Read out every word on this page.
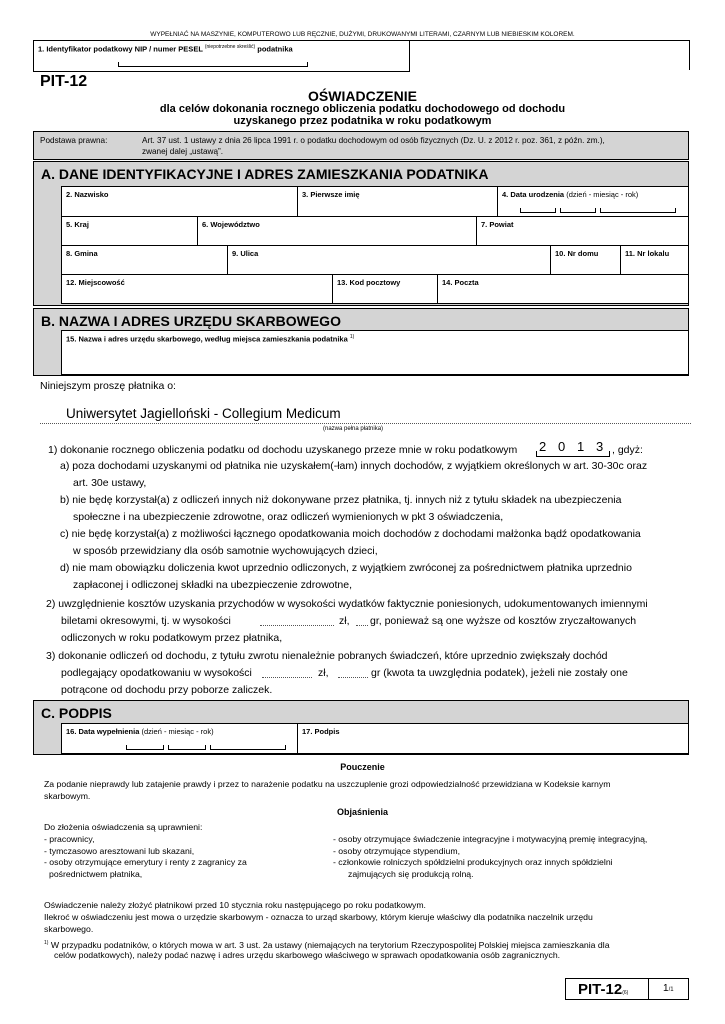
WYPEŁNIAĆ NA MASZYNIE, KOMPUTEROWO LUB RĘCZNIE, DUŻYMI, DRUKOWANYMI LITERAMI, CZARNYM LUB NIEBIESKIM KOLOREM.
1. Identyfikator podatkowy NIP / numer PESEL $^{(niepotrzebne skreślić)}$ podatnika
PIT-12
OŚWIADCZENIE
dla celów dokonania rocznego obliczenia podatku dochodowego od dochodu
uzyskanego przez podatnika w roku podatkowym
Podstawa prawna:	Art. 37 ust. 1 ustawy z dnia 26 lipca 1991 r. o podatku dochodowym od osób fizycznych (Dz. U. z 2012 r. poz. 361, z późn. zm.),
zwanej dalej „ustawą”.
A. DANE IDENTYFIKACYJNE I ADRES ZAMIESZKANIA PODATNIKA
2. Nazwisko	3. Pierwsze imię	4. Data urodzenia (dzień - miesiąc - rok)
5. Kraj	6. Województwo	7. Powiat
8. Gmina	9. Ulica	10. Nr domu	11. Nr lokalu
12. Miejscowość	13. Kod pocztowy	14. Poczta
B. NAZWA I ADRES URZĘDU SKARBOWEGO
15. Nazwa i adres urzędu skarbowego, według miejsca zamieszkania podatnika $^{1)}$
Niniejszym proszę płatnika o:
Uniwersytet Jagielloński - Collegium Medicum
(nazwa pełna płatnika)
1) dokonanie rocznego obliczenia podatku od dochodu uzyskanego przeze mnie w roku podatkowym 2 0 1 3 , gdyż:
a) poza dochodami uzyskanymi od płatnika nie uzyskałem(-łam) innych dochodów, z wyjątkiem określonych w art. 30-30c oraz
art. 30e ustawy,
b) nie będę korzystał(a) z odliczeń innych niż dokonywane przez płatnika, tj. innych niż z tytułu składek na ubezpieczenia
społeczne i na ubezpieczenie zdrowotne, oraz odliczeń wymienionych w pkt 3 oświadczenia,
c) nie będę korzystał(a) z możliwości łącznego opodatkowania moich dochodów z dochodami małżonka bądź opodatkowania
w sposób przewidziany dla osób samotnie wychowujących dzieci,
d) nie mam obowiązku doliczenia kwot uprzednio odliczonych, z wyjątkiem zwróconej za pośrednictwem płatnika uprzednio
zapłaconej i odliczonej składki na ubezpieczenie zdrowotne,
2) uwzględnienie kosztów uzyskania przychodów w wysokości wydatków faktycznie poniesionych, udokumentowanych imiennymi
biletami okresowymi, tj. w wysokości	zł, gr, ponieważ są one wyższe od kosztów zryczałtowanych
odliczonych w roku podatkowym przez płatnika,
3) dokonanie odliczeń od dochodu, z tytułu zwrotu nienależnie pobranych świadczeń, które uprzednio zwiększały dochód
podlegający opodatkowaniu w wysokości	zł,	gr (kwota ta uwzględnia podatek), jeżeli nie zostały one
potrącone od dochodu przy poborze zaliczek.
C. PODPIS
16. Data wypełnienia (dzień - miesiąc - rok)	17. Podpis
Pouczenie
Za podanie nieprawdy lub zatajenie prawdy i przez to narażenie podatku na uszczuplenie grozi odpowiedzialność przewidziana w Kodeksie karnym
skarbowym.
Objaśnienia
Do złożenia oświadczenia są uprawnieni:
- pracownicy,
- tymczasowo aresztowani lub skazani,
- osoby otrzymujące emerytury i renty z zagranicy za
pośrednictwem płatnika,
- osoby otrzymujące świadczenie integracyjne i motywacyjną premię integracyjną,
- osoby otrzymujące stypendium,
- członkowie rolniczych spółdzielni produkcyjnych oraz innych spółdzielni
zajmujących się produkcją rolną.
Oświadczenie należy złożyć płatnikowi przed 10 stycznia roku następującego po roku podatkowym.
Ilekroć w oświadczeniu jest mowa o urzędzie skarbowym - oznacza to urząd skarbowy, którym kieruje właściwy dla podatnika naczelnik urzędu
skarbowego.
$^{1)}$ W przypadku podatników, o których mowa w art. 3 ust. 2a ustawy (niemających na terytorium Rzeczypospolitej Polskiej miejsca zamieszkania dla
celów podatkowych), należy podać nazwę i adres urzędu skarbowego właściwego w sprawach opodatkowania osób zagranicznych.
PIT-12(6)	1/1
